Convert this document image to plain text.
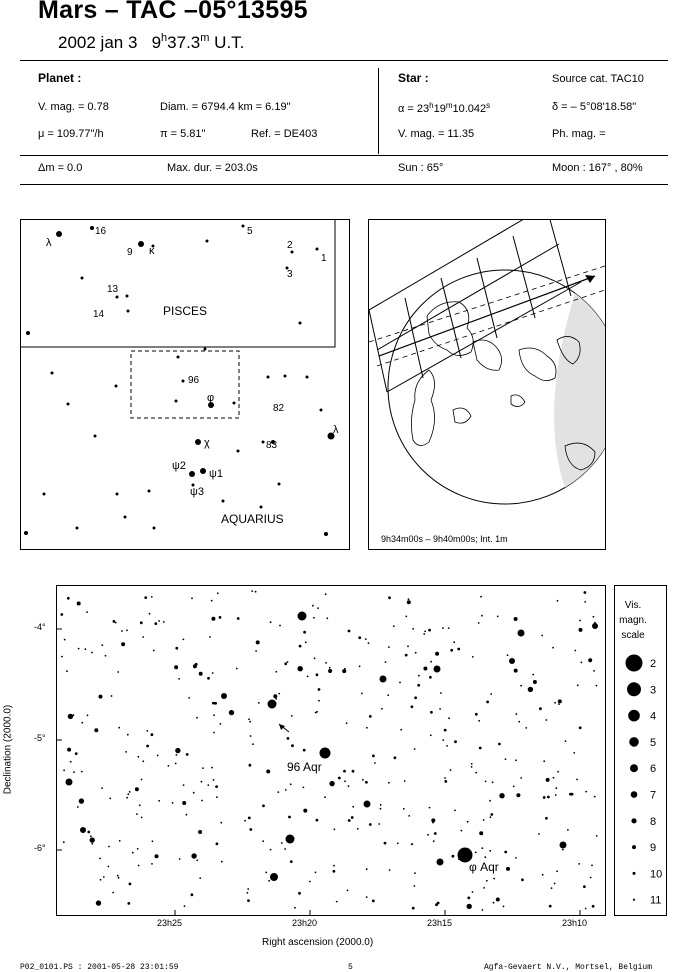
Mars – TAC –05°13595
2002 jan 3 9$^h$37.3$^m$ U.T.
Planet :
V. mag. = 0.78	Diam. = 6794.4 km = 6.19"
μ = 109.77"/h	π = 5.81"	Ref. = DE403
Star :	Source cat. TAC10
$\alpha = 23^h19^m10.042^s$	δ = – 5°08'18.58"
V. mag. = 11.35	Ph. mag. =
Δm = 0.0	Max. dur. = 203.0s	Sun : 65°	Moon : 167° , 80%
PISCES
AQUARIUS
λ
16	5
2
1
3
9 κ
13
14
96
φ
82
λ
χ	83
ψ2
ψ1
ψ3
9h34m00s – 9h40m00s; Int. 1m
96 Aqr
φ Aqr
-4°
-5°
-6°
23h25	23h20	23h15	23h10
Right ascension (2000.0)
Declination (2000.0)
Vis.
magn.
scale
2
3
4
5
6
7
8
9
10
11
P02_0101.PS : 2001-05-28 23:01:59	5	Agfa-Gevaert N.V., Mortsel, Belgium
